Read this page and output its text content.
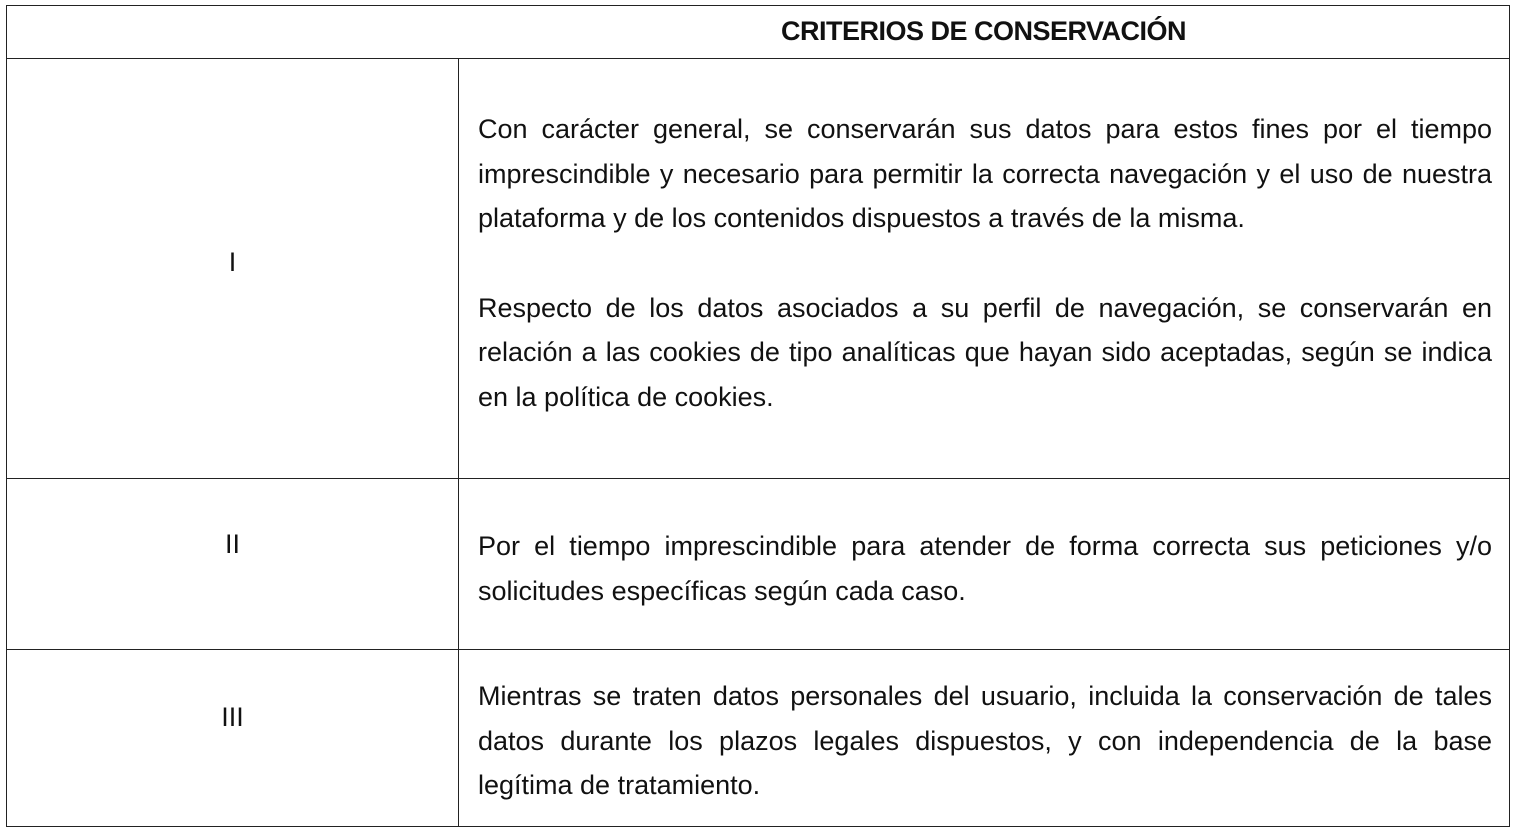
CRITERIOS DE CONSERVACIÓN
I

Con carácter general, se conservarán sus datos para estos fines por el tiempo imprescindible y necesario para permitir la correcta navegación y el uso de nuestra plataforma y de los contenidos dispuestos a través de la misma.

Respecto de los datos asociados a su perfil de navegación, se conservarán en relación a las cookies de tipo analíticas que hayan sido aceptadas, según se indica en la política de cookies.

II	Por el tiempo imprescindible para atender de forma correcta sus peticiones y/o solicitudes específicas según cada caso.

III

Mientras se traten datos personales del usuario, incluida la conservación de tales datos durante los plazos legales dispuestos, y con independencia de la base legítima de tratamiento.
